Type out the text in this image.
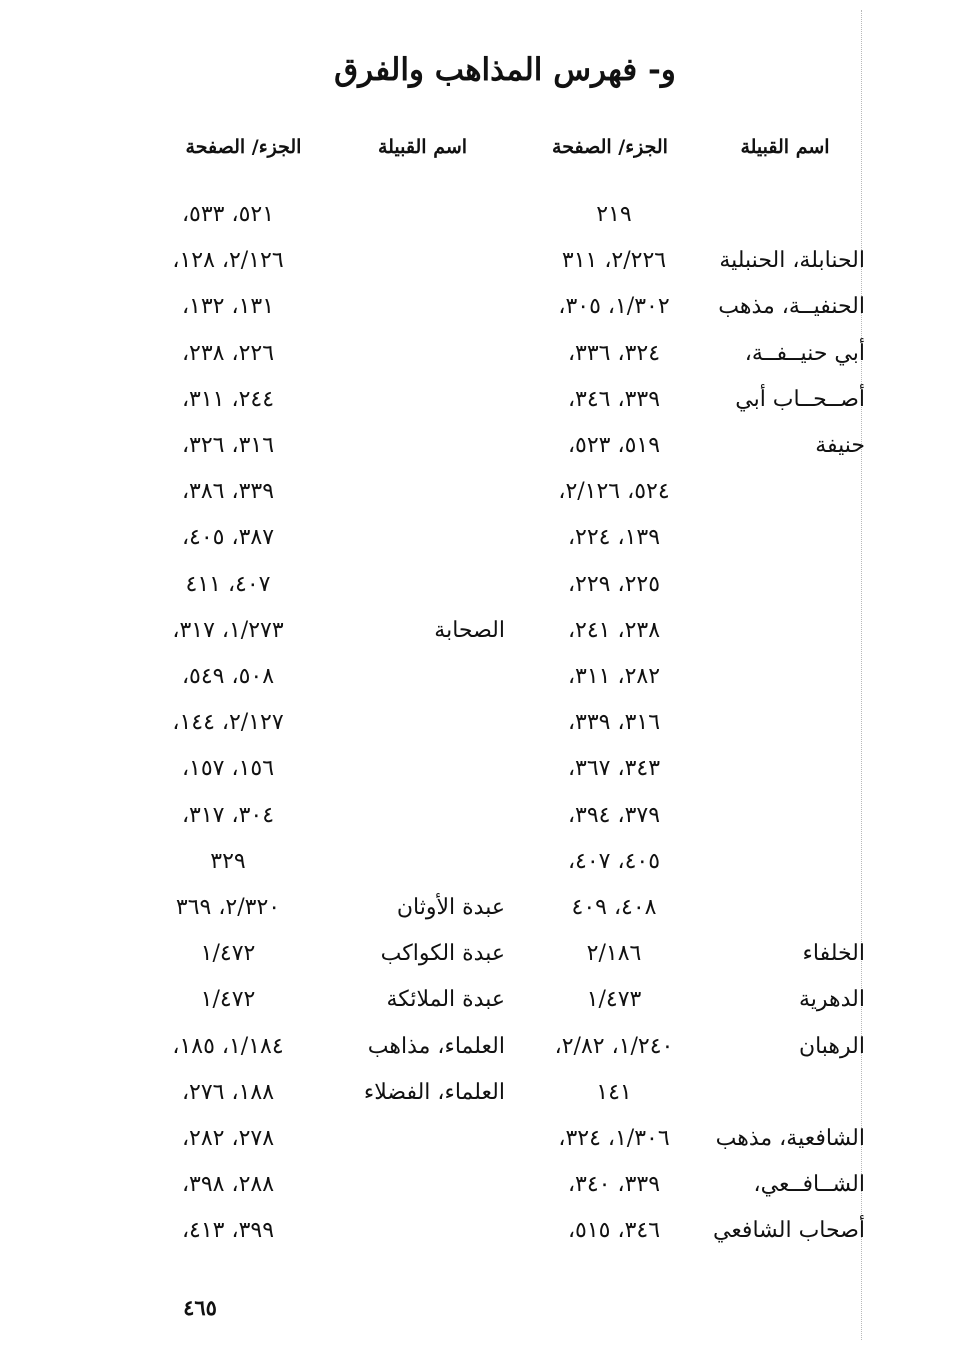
و- فهرس المذاهب والفرق
اسم القبيلة
الجزء/ الصفحة
اسم القبيلة
الجزء/ الصفحة
٢١٩
٥٢١، ٥٣٣،
الحنابلة، الحنبلية
٢/٢٢٦، ٣١١
٢/١٢٦، ١٢٨،
الحنفيــة، مذهب
١/٣٠٢، ٣٠٥،
١٣١، ١٣٢،
أبي حنيــفــة،
٣٢٤، ٣٣٦،
٢٢٦، ٢٣٨،
أصــحــاب أبي
٣٣٩، ٣٤٦،
٢٤٤، ٣١١،
حنيفة
٥١٩، ٥٢٣،
٣١٦، ٣٢٦،
٥٢٤، ٢/١٢٦،
٣٣٩، ٣٨٦،
١٣٩، ٢٢٤،
٣٨٧، ٤٠٥،
٢٢٥، ٢٢٩،
٤٠٧، ٤١١
٢٣٨، ٢٤١،
الصحابة
١/٢٧٣، ٣١٧،
٢٨٢، ٣١١،
٥٠٨، ٥٤٩،
٣١٦، ٣٣٩،
٢/١٢٧، ١٤٤،
٣٤٣، ٣٦٧،
١٥٦، ١٥٧،
٣٧٩، ٣٩٤،
٣٠٤، ٣١٧،
٤٠٥، ٤٠٧،
٣٢٩
٤٠٨، ٤٠٩
عبدة الأوثان
٢/٣٢٠، ٣٦٩
الخلفاء
٢/١٨٦
عبدة الكواكب
١/٤٧٢
الدهرية
١/٤٧٣
عبدة الملائكة
١/٤٧٢
الرهبان
١/٢٤٠، ٢/٨٢،
العلماء، مذاهب
١/١٨٤، ١٨٥،
١٤١
العلماء، الفضلاء
١٨٨، ٢٧٦،
الشافعية، مذهب
١/٣٠٦، ٣٢٤،
٢٧٨، ٢٨٢،
الشــافــعي،
٣٣٩، ٣٤٠،
٢٨٨، ٣٩٨،
أصحاب الشافعي
٣٤٦، ٥١٥،
٣٩٩، ٤١٣،
٤٦٥
